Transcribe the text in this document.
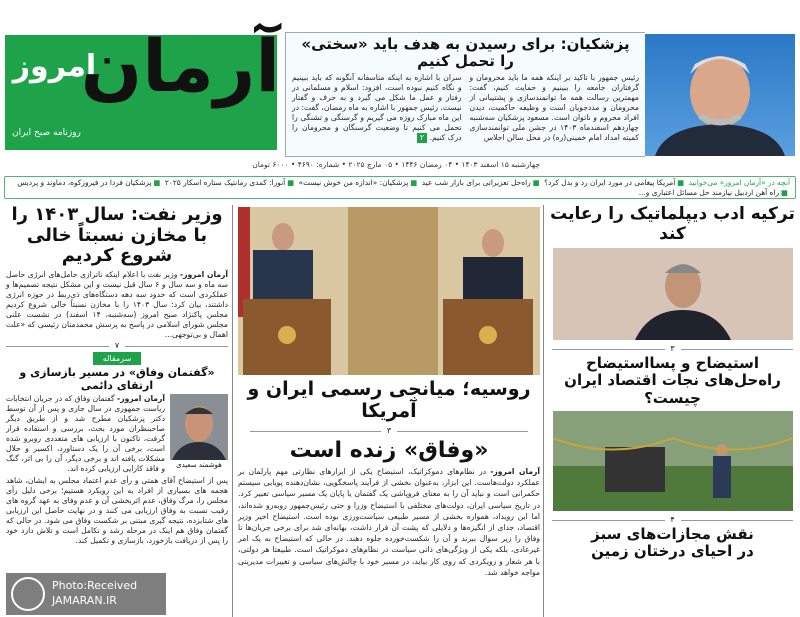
آرمان
امروز
روزنامه صبح ایران
پزشکیان: برای رسیدن به هدف باید «سختی» را تحمل کنیم

رئیس جمهور با تاکید بر اینکه همه ما باید محرومان و گرفتاران جامعه را ببینیم و حمایت کنیم، گفت: مهمترین رسالت همه ما توانمندسازی و پشتیبانی از محرومان و مددجویان است و وظیفه حاکمیت، دیدن افراد محروم و ناتوان است. مسعود پزشکیان سه‌شنبه چهاردهم اسفندماه ۱۴۰۳ در جشن ملی توانمندسازی کمیته امداد امام خمینی(ره) در محل سالن اجلاس

سران با اشاره به اینکه متاسفانه آنگونه که باید ببینیم و نگاه کنیم نبوده است، افزود: اسلام و مسلمانی در رفتار و عمل ما شکل می گیرد و به حرف و گفتار نیست. رئیس جمهور با اشاره به ماه رمضان، گفت: در این ماه مبارک روزه می گیریم و گرسنگی و تشنگی را تحمل می کنیم تا وضعیت گرسنگان و محرومان را درک کنیم. ۲

چهارشنبه ۱۵ اسفند ۱۴۰۳ • ۰۴ رمضان ۱۴۴۶ • ۰۵ مارچ ۲۰۲۵ • شماره: ۴۶۹۰ • ۶۰۰۰ تومان
آنچه در «آرمان امروز» می‌خوانید ■آمریکا پیغامی در مورد ایران رد و بدل کرد؟ ■راه‌حل تعزیراتی برای بازار شب عید ■پزشکیان: «اندازه من خوش نیست» ■آنورا: کمدی رمانتیک ستاره اسکار ۲۰۲۵ ■پزشکیان فردا در فیروزکوه، دماوند و پردیس ■راه آهن اردبیل نیازمند حل مسائل اعتباری و...
وزیر نفت: سال ۱۴۰۳ را با مخازن نسبتاً خالی شروع کردیم

آرمان امروز- وزیر نفت با اعلام اینکه ناترازی حامل‌های انرژی حاصل سه ماه و سه سال و ۶ سال قبل نیست و این مشکل نتیجه تصمیم‌ها و عملکردی است که حدود سه دهه دستگاه‌های ذی‌ربط در حوزه انرژی داشتند، بیان کرد: سال ۱۴۰۳ را با مخازن نسبتاً خالی شروع کردیم مجلس پاکنژاد صبح امروز (سه‌شنبه، ۱۴ اسفند) در نشست علنی مجلس شورای اسلامی در پاسخ به پرسش محمدمنان رئیسی که «علت اهمال و بی‌توجهی...

۷
سرمقاله
«گفتمان وفاق» در مسیر بازسازی و ارتقای دائمی
هوشمند سعیدی

آرمان امروز- گفتمان وفاق که در جریان انتخابات ریاست جمهوری در سال جاری و پس از آن توسط دکتر پزشکیان مطرح شد و از طریق دیگر صاحبنظران مورد بحث، بررسی و استفاده قرار گرفت، تاکنون با ارزیابی های متعددی روبرو شده است، برخی آن را یک دستاورد، اکسیر و حلال مشکلات یافته اند و برخی دیگر، آن را بی اثر، گنگ و فاقد کارایی ارزیابی کرده اند.

Photo:Received
JAMARAN.IR
پس از استیضاح آقای همتی و رأی عدم اعتماد مجلس به ایشان، شاهد هجمه های بسیاری از افراد به این رویکرد هستیم؛ برخی دلیل رأی مجلس را، مرگ وفاق، عدم اثربخشی آن و عدم وفای به عهد گروه های رقیب نسبت به وفاق ارزیابی می کنند و در نهایت حاصل این ارزیابی های شتابزده، نتیجه گیری مبتنی بر شکست وفاق می شود. در حالی که گفتمان وفاق هم اینک در مرحله رشد و تکامل است و تلاش دارد خود را پس از دریافت بازخورد، بازسازی و تکمیل کند.
روسیه؛ میانجی رسمی ایران و آمریکا
۳
«وفاق» زنده است

آرمان امروز- در نظام‌های دموکراتیک، استیضاح یکی از ابزارهای نظارتی مهم پارلمان بر عملکرد دولت‌هاست. این ابزار، به‌عنوان بخشی از فرآیند پاسخگویی، نشان‌دهنده پویایی سیستم حکمرانی است و نباید آن را به معنای فروپاشی یک گفتمان یا پایان یک مسیر سیاسی تعبیر کرد. در تاریخ سیاسی ایران، دولت‌های مختلفی با استیضاح وزرا و حتی رئیس‌جمهور روبه‌رو شده‌اند، اما این رویداد، همواره بخشی از مسیر طبیعی سیاست‌ورزی بوده است. استیضاح اخیر وزیر اقتصاد، جدای از انگیزه‌ها و دلایلی که پشت آن قرار داشت، بهانه‌ای شد برای برخی جریان‌ها تا وفاق را زیر سوال ببرند و آن را شکست‌خورده جلوه دهند. در حالی که استیضاح نه یک امر غیرعادی، بلکه یکی از ویژگی‌های ذاتی سیاست در نظام‌های دموکراتیک است. طبیعتا هر دولتی، با هر شعار و رویکردی که روی کار بیاید، در مسیر خود با چالش‌های سیاسی و تغییرات مدیریتی مواجه خواهد شد.

ترکیه ادب دیپلماتیک را رعایت کند
۳
استیضاح و پسااستیضاح
راه‌حل‌های نجات اقتصاد ایران چیست؟
۴
نقش مجازات‌های سبز
در احیای درختان زمین
